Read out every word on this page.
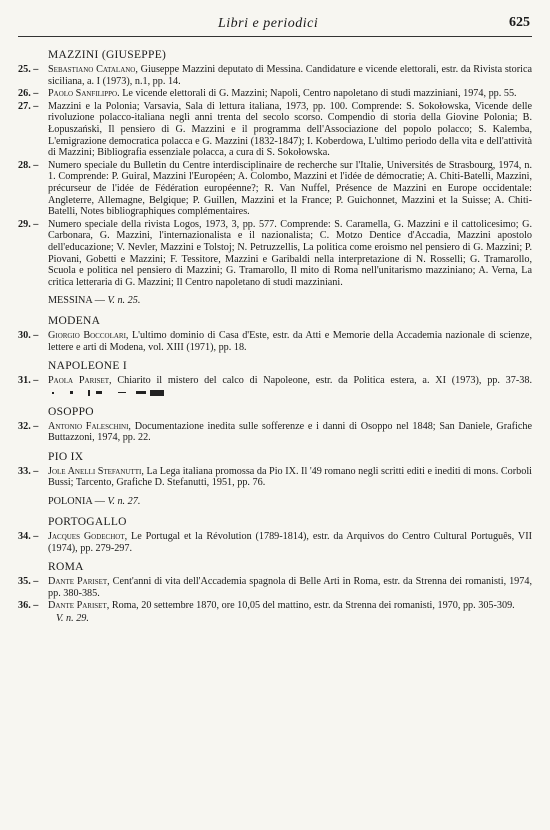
Libri e periodici	625
MAZZINI (GIUSEPPE)
25. – Sebastiano Catalano, Giuseppe Mazzini deputato di Messina. Candidature e vicende elettorali, estr. da Rivista storica siciliana, a. I (1973), n.1, pp. 14.
26. – Paolo Sanfilippo. Le vicende elettorali di G. Mazzini; Napoli, Centro napoletano di studi mazziniani, 1974, pp. 55.
27. – Mazzini e la Polonia; Varsavia, Sala di lettura italiana, 1973, pp. 100. Comprende: S. Sokołowska, Vicende delle rivoluzione polacco-italiana negli anni trenta del secolo scorso. Compendio di storia della Giovine Polonia; B. Łopuszański, Il pensiero di G. Mazzini e il programma dell'Associazione del popolo polacco; S. Kalemba, L'emigrazione democratica polacca e G. Mazzini (1832-1847); I. Koberdowa, L'ultimo periodo della vita e dell'attività di Mazzini; Bibliografia essenziale polacca, a cura di S. Sokołowska.
28. – Numero speciale du Bulletin du Centre interdisciplinaire de recherche sur l'Italie, Universités de Strasbourg, 1974, n. 1. Comprende: P. Guiral, Mazzini l'Européen; A. Colombo, Mazzini et l'idée de démocratie; A. Chiti-Batelli, Mazzini, précurseur de l'idée de Fédération européenne?; R. Van Nuffel, Présence de Mazzini en Europe occidentale: Angleterre, Allemagne, Belgique; P. Guillen, Mazzini et la France; P. Guichonnet, Mazzini et la Suisse; A. Chiti-Batelli, Notes bibliographiques complémentaires.
29. – Numero speciale della rivista Logos, 1973, 3, pp. 577. Comprende: S. Caramella, G. Mazzini e il cattolicesimo; G. Carbonara, G. Mazzini, l'internazionalista e il nazionalista; C. Motzo Dentice d'Accadia, Mazzini apostolo dell'educazione; V. Nevler, Mazzini e Tolstoj; N. Petruzzellis, La politica come eroismo nel pensiero di G. Mazzini; P. Piovani, Gobetti e Mazzini; F. Tessitore, Mazzini e Garibaldi nella interpretazione di N. Rosselli; G. Tramarollo, Scuola e politica nel pensiero di Mazzini; G. Tramarollo, Il mito di Roma nell'unitarismo mazziniano; A. Verna, La critica letteraria di G. Mazzini; Il Centro napoletano di studi mazziniani.
MESSINA — V. n. 25.
MODENA
30. – Giorgio Boccolari, L'ultimo dominio di Casa d'Este, estr. da Atti e Memorie della Accademia nazionale di scienze, lettere e arti di Modena, vol. XIII (1971), pp. 18.
NAPOLEONE I
31. – Paola Pariset, Chiarito il mistero del calco di Napoleone, estr. da Politica estera, a. XI (1973), pp. 37-38.
OSOPPO
32. – Antonio Faleschini, Documentazione inedita sulle sofferenze e i danni di Osoppo nel 1848; San Daniele, Grafiche Buttazzoni, 1974, pp. 22.
PIO IX
33. – Jole Anelli Stefanutti, La Lega italiana promossa da Pio IX. Il '49 romano negli scritti editi e inediti di mons. Corboli Bussi; Tarcento, Grafiche D. Stefanutti, 1951, pp. 76.
POLONIA — V. n. 27.
PORTOGALLO
34. – Jacques Godechot, Le Portugal et la Révolution (1789-1814), estr. da Arquivos do Centro Cultural Português, VII (1974), pp. 279-297.
ROMA
35. – Dante Pariset, Cent'anni di vita dell'Accademia spagnola di Belle Arti in Roma, estr. da Strenna dei romanisti, 1974, pp. 380-385.
36. – Dante Pariset, Roma, 20 settembre 1870, ore 10,05 del mattino, estr. da Strenna dei romanisti, 1970, pp. 305-309.
V. n. 29.
